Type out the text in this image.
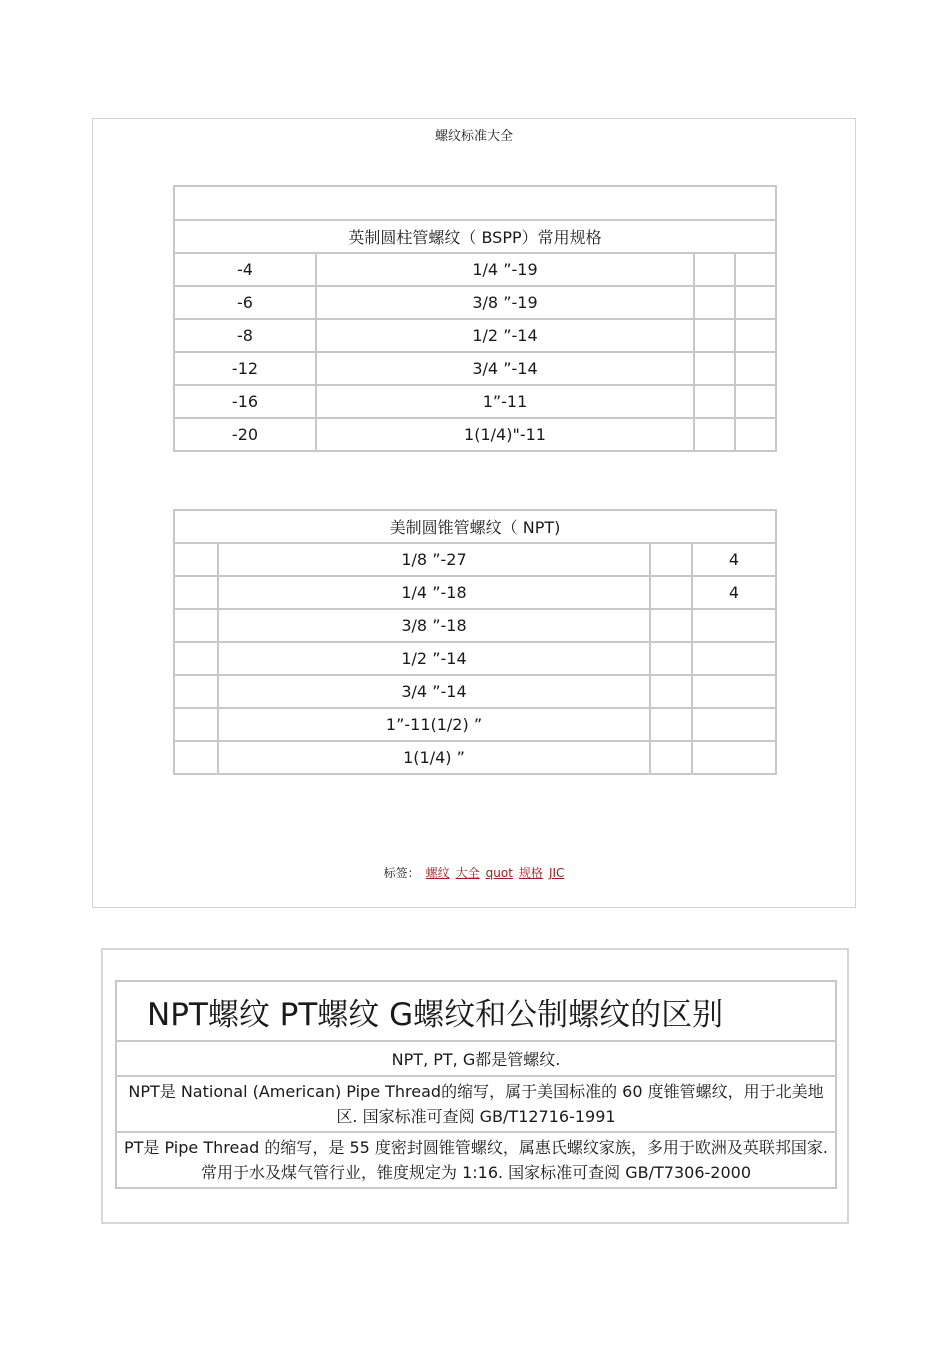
螺纹标准大全

英制圆柱管螺纹（ BSPP）常用规格			
-4	1/4 ”-19		
-6	3/8 ”-19		
-8	1/2 ”-14		
-12	3/4 ”-14		
-16	1”-11		
-20	1(1/4)"-11		
美制圆锥管螺纹（ NPT)			
	1/8 ”-27		4
	1/4 ”-18		4
	3/8 ”-18		
	1/2 ”-14		
	3/4 ”-14		
	1”-11(1/2) ”		
	1(1/4) ”		
标签： 螺纹 大全 quot 规格 JIC
NPT螺纹 PT螺纹 G螺纹和公制螺纹的区别
NPT, PT, G都是管螺纹.
NPT是 National (American) Pipe Thread的缩写，属于美国标准的 60 度锥管螺纹，用于北美地区. 国家标准可查阅 GB/T12716-1991
PT是 Pipe Thread 的缩写，是 55 度密封圆锥管螺纹，属惠氏螺纹家族，多用于欧洲及英联邦国家. 常用于水及煤气管行业，锥度规定为 1:16. 国家标准可查阅 GB/T7306-2000
